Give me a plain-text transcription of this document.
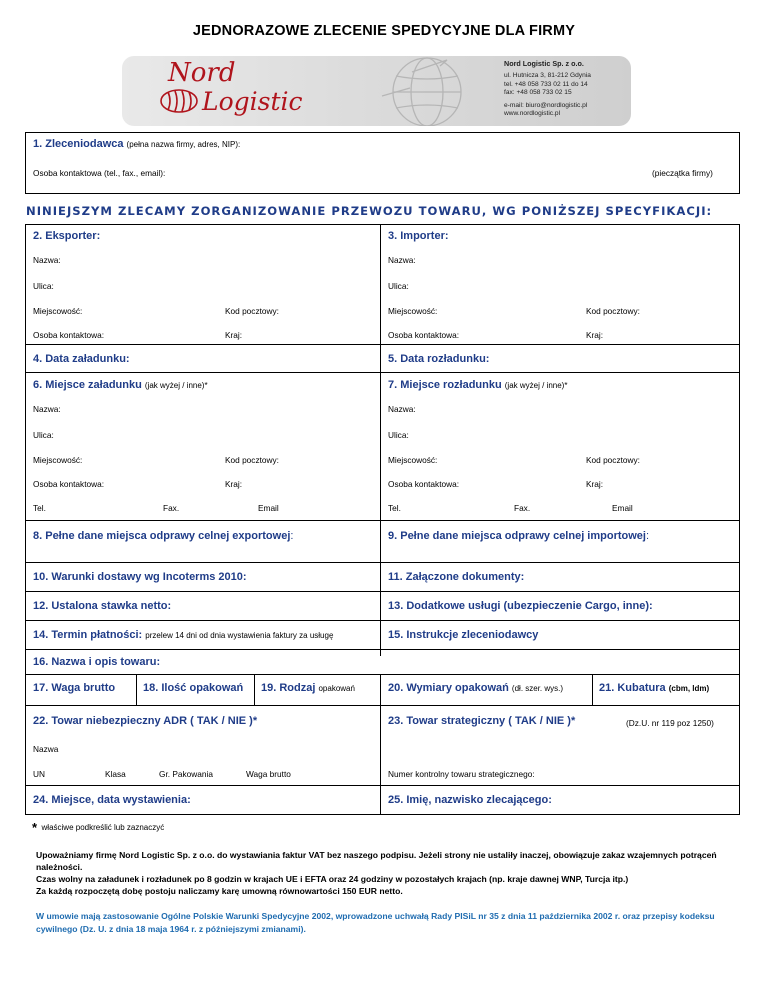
JEDNORAZOWE ZLECENIE SPEDYCYJNE DLA FIRMY
Nord
Logistic
Nord Logistic Sp. z o.o.
ul. Hutnicza 3, 81-212 Gdynia
tel. +48 058 733 02 11 do 14
fax: +48 058 733 02 15
e-mail: biuro@nordlogistic.pl
www.nordlogistic.pl
1. Zleceniodawca (pełna nazwa firmy, adres, NIP):
Osoba kontaktowa (tel., fax., email):	(pieczątka firmy)
NINIEJSZYM ZLECAMY ZORGANIZOWANIE PRZEWOZU TOWARU, WG PONIŻSZEJ SPECYFIKACJI:
2. Eksporter:	3. Importer:
Nazwa:	Nazwa:
Ulica:	Ulica:
Miejscowość:	Kod pocztowy:	Miejscowość:	Kod pocztowy:
Osoba kontaktowa:	Kraj:	Osoba kontaktowa:	Kraj:
4. Data załadunku:	5. Data rozładunku:
6. Miejsce załadunku (jak wyżej / inne)*	7. Miejsce rozładunku (jak wyżej / inne)*
Nazwa:	Nazwa:
Ulica:	Ulica:
Miejscowość:	Kod pocztowy:	Miejscowość:	Kod pocztowy:
Osoba kontaktowa:	Kraj:	Osoba kontaktowa:	Kraj:
Tel.	Fax.	Email	Tel.	Fax.	Email
8. Pełne dane miejsca odprawy celnej exportowej:	9. Pełne dane miejsca odprawy celnej importowej:
10. Warunki dostawy wg Incoterms 2010:	11. Załączone dokumenty:
12. Ustalona stawka netto:	13. Dodatkowe usługi (ubezpieczenie Cargo, inne):
14. Termin płatności: przelew 14 dni od dnia wystawienia faktury za usługę	15. Instrukcje zleceniodawcy
16. Nazwa i opis towaru:
17. Waga brutto	18. Ilość opakowań 19. Rodzaj opakowań	20. Wymiary opakowań (dł. szer. wys.)	21. Kubatura (cbm, ldm)
22. Towar niebezpieczny ADR ( TAK / NIE )*	23. Towar strategiczny ( TAK / NIE )*	(Dz.U. nr 119 poz 1250)
Nazwa
UN	Klasa	Gr. Pakowania	Waga brutto	Numer kontrolny towaru strategicznego:
24. Miejsce, data wystawienia:	25. Imię, nazwisko zlecającego:
* właściwe podkreślić lub zaznaczyć
Upoważniamy firmę Nord Logistic Sp. z o.o. do wystawiania faktur VAT bez naszego podpisu. Jeżeli strony nie ustaliły inaczej, obowiązuje zakaz wzajemnych potrąceń należności.
Czas wolny na załadunek i rozładunek po 8 godzin w krajach UE i EFTA oraz 24 godziny w pozostałych krajach (np. kraje dawnej WNP, Turcja itp.)
Za każdą rozpoczętą dobę postoju naliczamy karę umowną równowartości 150 EUR netto.
W umowie mają zastosowanie Ogólne Polskie Warunki Spedycyjne 2002, wprowadzone uchwałą Rady PISiL nr 35 z dnia 11 października 2002 r. oraz przepisy kodeksu cywilnego (Dz. U. z dnia 18 maja 1964 r. z późniejszymi zmianami).
